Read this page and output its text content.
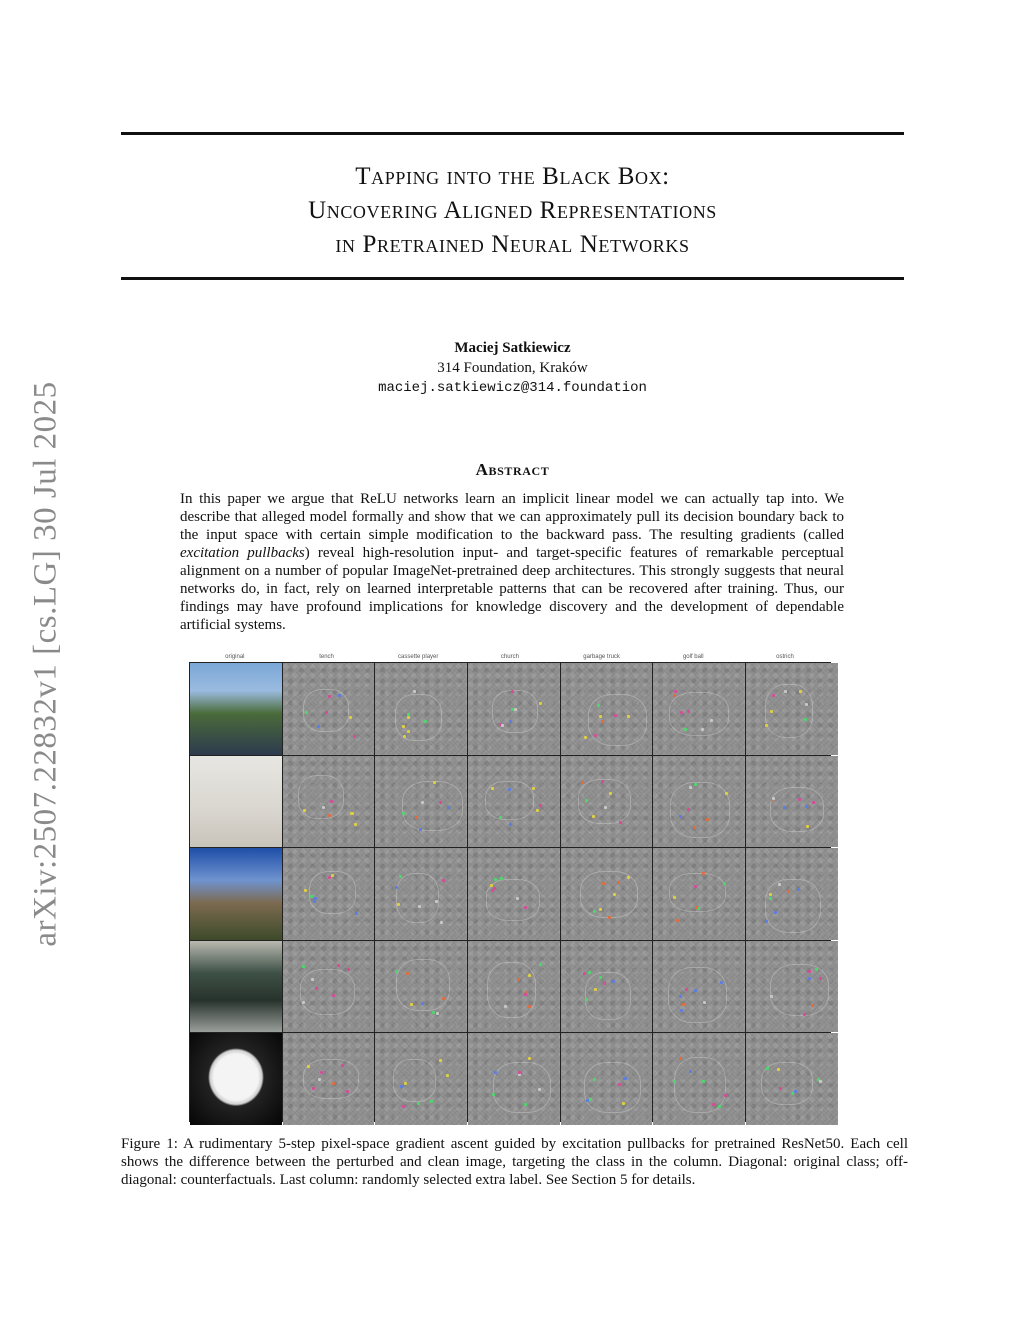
arXiv:2507.22832v1 [cs.LG] 30 Jul 2025
Tapping into the Black Box:
Uncovering Aligned Representations
in Pretrained Neural Networks
Maciej Satkiewicz
314 Foundation, Kraków
maciej.satkiewicz@314.foundation
Abstract
In this paper we argue that ReLU networks learn an implicit linear model we can actually tap into. We describe that alleged model formally and show that we can approximately pull its decision boundary back to the input space with certain simple modification to the backward pass. The resulting gradients (called excitation pullbacks) reveal high-resolution input- and target-specific features of remarkable perceptual alignment on a number of popular ImageNet-pretrained deep architectures. This strongly suggests that neural networks do, in fact, rely on learned interpretable patterns that can be recovered after training. Thus, our findings may have profound implications for knowledge discovery and the development of dependable artificial systems.
original	tench	cassette player	church	garbage truck	golf ball	ostrich
Figure 1: A rudimentary 5-step pixel-space gradient ascent guided by excitation pullbacks for pretrained ResNet50. Each cell shows the difference between the perturbed and clean image, targeting the class in the column. Diagonal: original class; off-diagonal: counterfactuals. Last column: randomly selected extra label. See Section 5 for details.
